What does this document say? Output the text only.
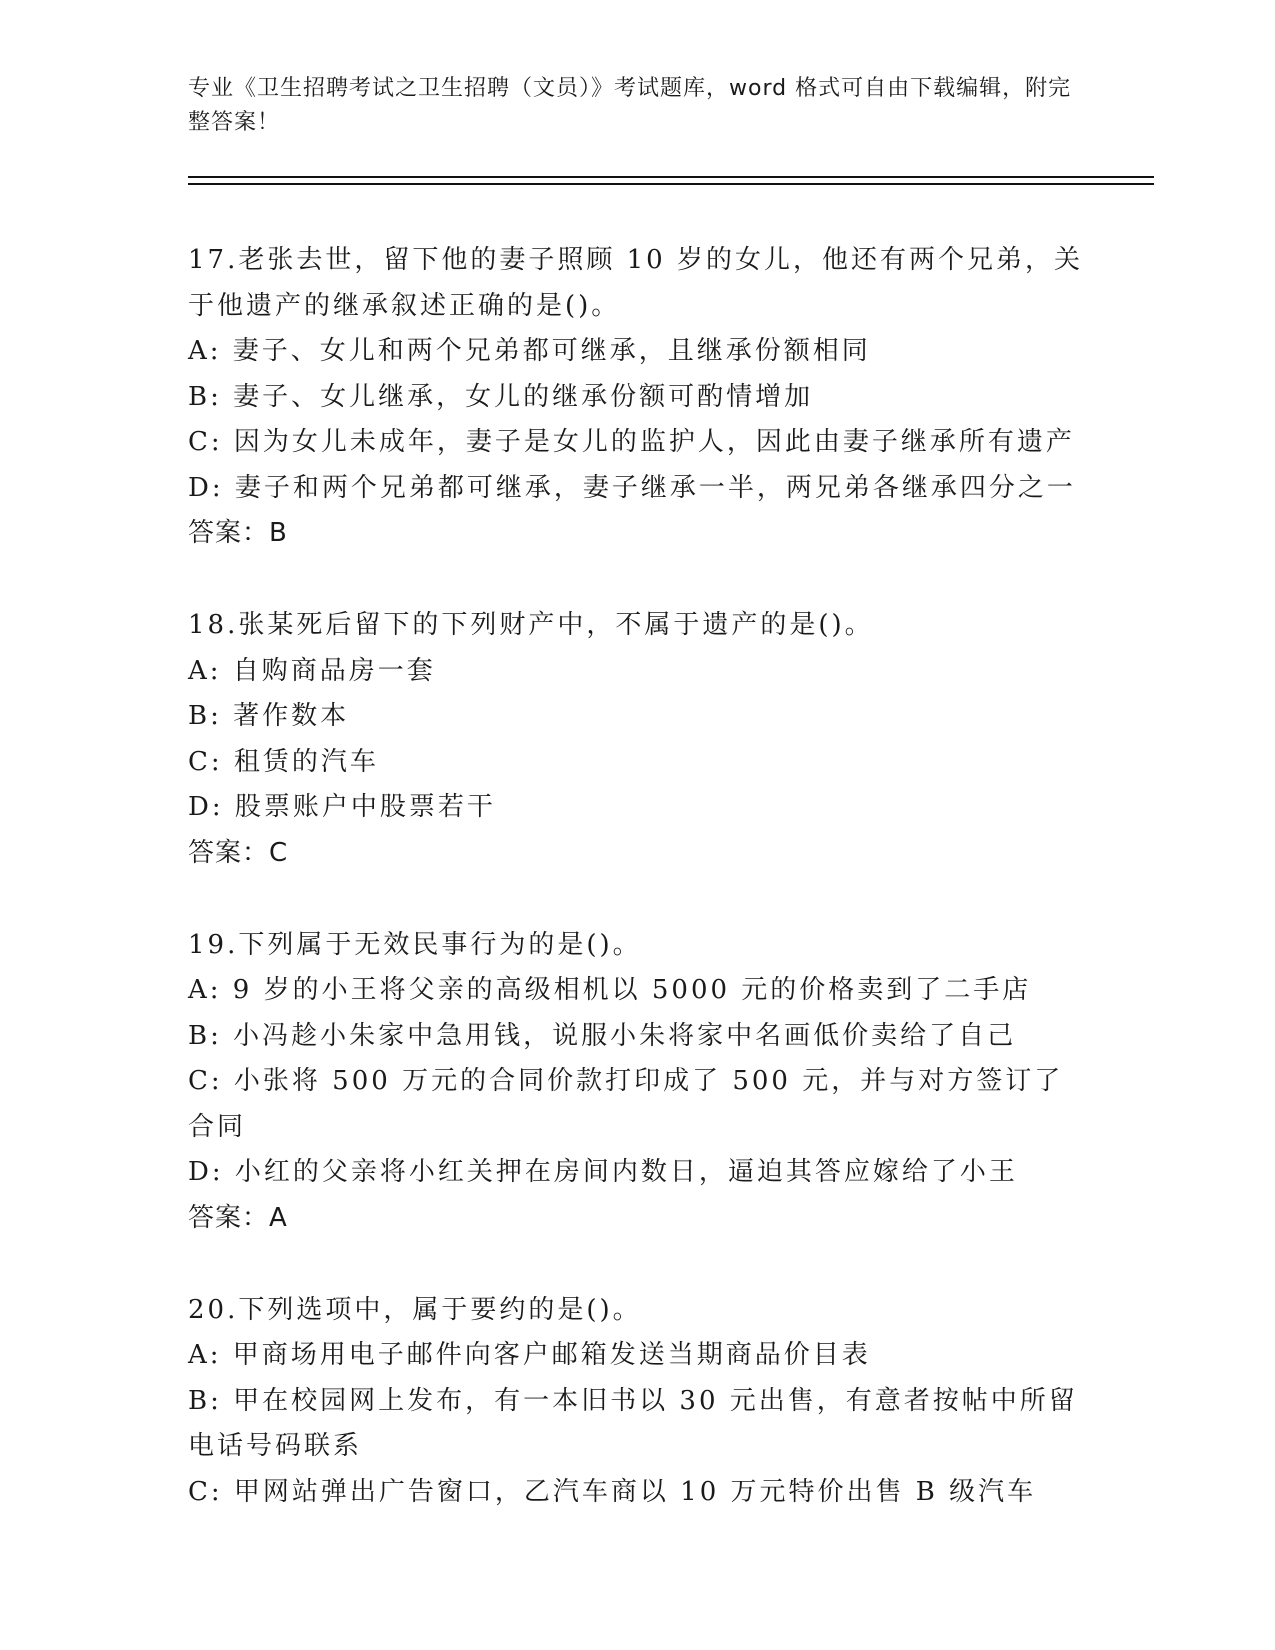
专业《卫生招聘考试之卫生招聘（文员）》考试题库，word 格式可自由下载编辑，附完整答案！
17.老张去世，留下他的妻子照顾 10 岁的女儿，他还有两个兄弟，关于他遗产的继承叙述正确的是()。
A: 妻子、女儿和两个兄弟都可继承，且继承份额相同
B: 妻子、女儿继承，女儿的继承份额可酌情增加
C: 因为女儿未成年，妻子是女儿的监护人，因此由妻子继承所有遗产
D: 妻子和两个兄弟都可继承，妻子继承一半，两兄弟各继承四分之一
答案：B
18.张某死后留下的下列财产中，不属于遗产的是()。
A: 自购商品房一套
B: 著作数本
C: 租赁的汽车
D: 股票账户中股票若干
答案：C
19.下列属于无效民事行为的是()。
A: 9 岁的小王将父亲的高级相机以 5000 元的价格卖到了二手店
B: 小冯趁小朱家中急用钱，说服小朱将家中名画低价卖给了自己
C: 小张将 500 万元的合同价款打印成了 500 元，并与对方签订了合同
D: 小红的父亲将小红关押在房间内数日，逼迫其答应嫁给了小王
答案：A
20.下列选项中，属于要约的是()。
A: 甲商场用电子邮件向客户邮箱发送当期商品价目表
B: 甲在校园网上发布，有一本旧书以 30 元出售，有意者按帖中所留电话号码联系
C: 甲网站弹出广告窗口，乙汽车商以 10 万元特价出售 B 级汽车
